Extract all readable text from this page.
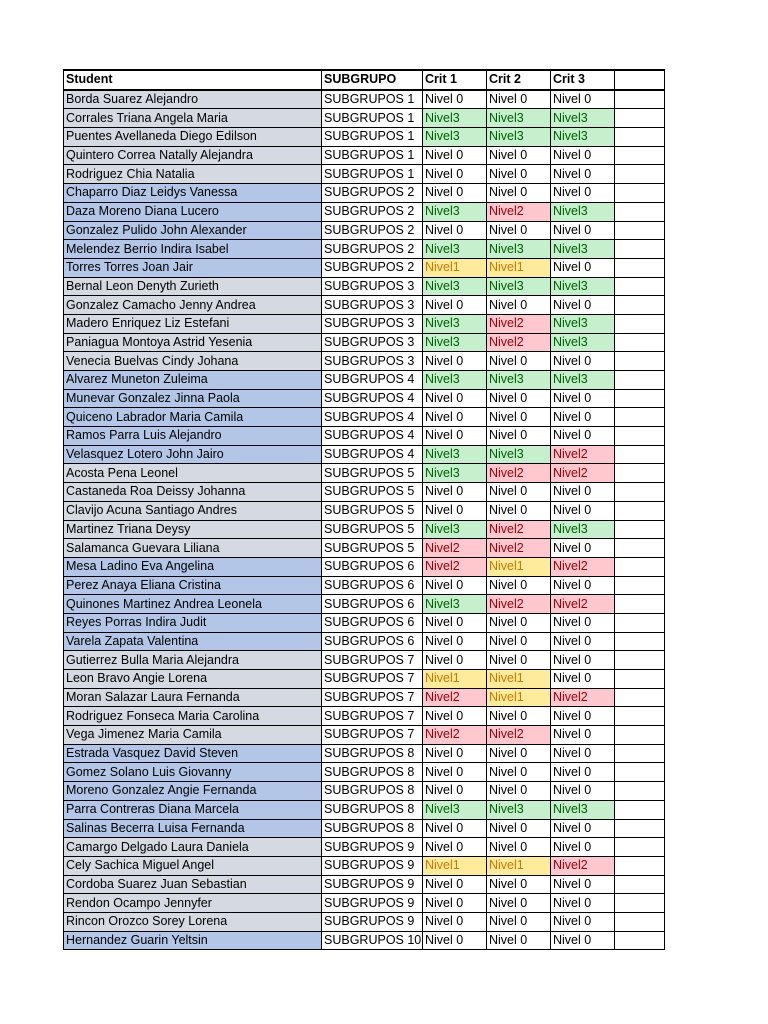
Student	SUBGRUPO	Crit 1	Crit 2	Crit 3	
Borda Suarez Alejandro	SUBGRUPOS 1	Nivel 0	Nivel 0	Nivel 0	
Corrales Triana Angela Maria	SUBGRUPOS 1	Nivel3	Nivel3	Nivel3	
Puentes Avellaneda Diego Edilson	SUBGRUPOS 1	Nivel3	Nivel3	Nivel3	
Quintero Correa Natally Alejandra	SUBGRUPOS 1	Nivel 0	Nivel 0	Nivel 0	
Rodriguez Chia Natalia	SUBGRUPOS 1	Nivel 0	Nivel 0	Nivel 0	
Chaparro Diaz Leidys Vanessa	SUBGRUPOS 2	Nivel 0	Nivel 0	Nivel 0	
Daza Moreno Diana Lucero	SUBGRUPOS 2	Nivel3	Nivel2	Nivel3	
Gonzalez Pulido John Alexander	SUBGRUPOS 2	Nivel 0	Nivel 0	Nivel 0	
Melendez Berrio Indira Isabel	SUBGRUPOS 2	Nivel3	Nivel3	Nivel3	
Torres Torres Joan Jair	SUBGRUPOS 2	Nivel1	Nivel1	Nivel 0	
Bernal Leon Denyth Zurieth	SUBGRUPOS 3	Nivel3	Nivel3	Nivel3	
Gonzalez Camacho Jenny Andrea	SUBGRUPOS 3	Nivel 0	Nivel 0	Nivel 0	
Madero Enriquez Liz Estefani	SUBGRUPOS 3	Nivel3	Nivel2	Nivel3	
Paniagua Montoya Astrid Yesenia	SUBGRUPOS 3	Nivel3	Nivel2	Nivel3	
Venecia Buelvas Cindy Johana	SUBGRUPOS 3	Nivel 0	Nivel 0	Nivel 0	
Alvarez Muneton Zuleima	SUBGRUPOS 4	Nivel3	Nivel3	Nivel3	
Munevar Gonzalez Jinna Paola	SUBGRUPOS 4	Nivel 0	Nivel 0	Nivel 0	
Quiceno Labrador Maria Camila	SUBGRUPOS 4	Nivel 0	Nivel 0	Nivel 0	
Ramos Parra Luis Alejandro	SUBGRUPOS 4	Nivel 0	Nivel 0	Nivel 0	
Velasquez Lotero John Jairo	SUBGRUPOS 4	Nivel3	Nivel3	Nivel2	
Acosta Pena Leonel	SUBGRUPOS 5	Nivel3	Nivel2	Nivel2	
Castaneda Roa Deissy Johanna	SUBGRUPOS 5	Nivel 0	Nivel 0	Nivel 0	
Clavijo Acuna Santiago Andres	SUBGRUPOS 5	Nivel 0	Nivel 0	Nivel 0	
Martinez Triana Deysy	SUBGRUPOS 5	Nivel3	Nivel2	Nivel3	
Salamanca Guevara Liliana	SUBGRUPOS 5	Nivel2	Nivel2	Nivel 0	
Mesa Ladino Eva Angelina	SUBGRUPOS 6	Nivel2	Nivel1	Nivel2	
Perez Anaya Eliana Cristina	SUBGRUPOS 6	Nivel 0	Nivel 0	Nivel 0	
Quinones Martinez Andrea Leonela	SUBGRUPOS 6	Nivel3	Nivel2	Nivel2	
Reyes Porras Indira Judit	SUBGRUPOS 6	Nivel 0	Nivel 0	Nivel 0	
Varela Zapata Valentina	SUBGRUPOS 6	Nivel 0	Nivel 0	Nivel 0	
Gutierrez Bulla Maria Alejandra	SUBGRUPOS 7	Nivel 0	Nivel 0	Nivel 0	
Leon Bravo Angie Lorena	SUBGRUPOS 7	Nivel1	Nivel1	Nivel 0	
Moran Salazar Laura Fernanda	SUBGRUPOS 7	Nivel2	Nivel1	Nivel2	
Rodriguez Fonseca Maria Carolina	SUBGRUPOS 7	Nivel 0	Nivel 0	Nivel 0	
Vega Jimenez Maria Camila	SUBGRUPOS 7	Nivel2	Nivel2	Nivel 0	
Estrada Vasquez David Steven	SUBGRUPOS 8	Nivel 0	Nivel 0	Nivel 0	
Gomez Solano Luis Giovanny	SUBGRUPOS 8	Nivel 0	Nivel 0	Nivel 0	
Moreno Gonzalez Angie Fernanda	SUBGRUPOS 8	Nivel 0	Nivel 0	Nivel 0	
Parra Contreras Diana Marcela	SUBGRUPOS 8	Nivel3	Nivel3	Nivel3	
Salinas Becerra Luisa Fernanda	SUBGRUPOS 8	Nivel 0	Nivel 0	Nivel 0	
Camargo Delgado Laura Daniela	SUBGRUPOS 9	Nivel 0	Nivel 0	Nivel 0	
Cely Sachica Miguel Angel	SUBGRUPOS 9	Nivel1	Nivel1	Nivel2	
Cordoba Suarez Juan Sebastian	SUBGRUPOS 9	Nivel 0	Nivel 0	Nivel 0	
Rendon Ocampo Jennyfer	SUBGRUPOS 9	Nivel 0	Nivel 0	Nivel 0	
Rincon Orozco Sorey Lorena	SUBGRUPOS 9	Nivel 0	Nivel 0	Nivel 0	
Hernandez Guarin Yeltsin	SUBGRUPOS 10	Nivel 0	Nivel 0	Nivel 0	
